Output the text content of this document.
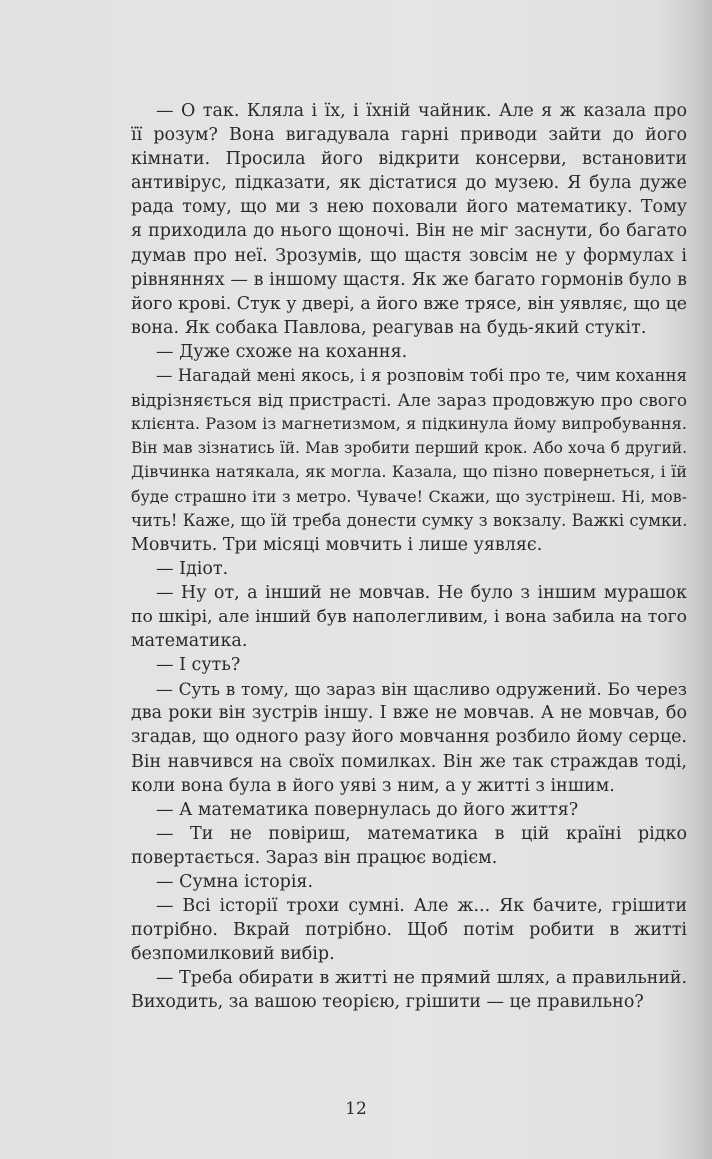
— О так. Кляла і їх, і їхній чайник. Але я ж казала про
її розум? Вона вигадувала гарні приводи зайти до його
кімнати. Просила його відкрити консерви, встановити
антивірус, підказати, як дістатися до музею. Я була дуже
рада тому, що ми з нею поховали його математику. Тому
я приходила до нього щоночі. Він не міг заснути, бо багато
думав про неї. Зрозумів, що щастя зовсім не у формулах і
рівняннях — в іншому щастя. Як же багато гормонів було в
його крові. Стук у двері, а його вже трясе, він уявляє, що це
вона. Як собака Павлова, реагував на будь-який стукіт.
— Дуже схоже на кохання.
— Нагадай мені якось, і я розповім тобі про те, чим кохання
відрізняється від пристрасті. Але зараз продовжую про свого
клієнта. Разом із магнетизмом, я підкинула йому випробування.
Він мав зізнатись їй. Мав зробити перший крок. Або хоча б другий.
Дівчинка натякала, як могла. Казала, що пізно повернеться, і їй
буде страшно іти з метро. Чуваче! Скажи, що зустрінеш. Ні, мов-
чить! Каже, що їй треба донести сумку з вокзалу. Важкі сумки.
Мовчить. Три місяці мовчить і лише уявляє.
— Ідіот.
— Ну от, а інший не мовчав. Не було з іншим мурашок
по шкірі, але інший був наполегливим, і вона забила на того
математика.
— І суть?
— Суть в тому, що зараз він щасливо одружений. Бо через
два роки він зустрів іншу. І вже не мовчав. А не мовчав, бо
згадав, що одного разу його мовчання розбило йому серце.
Він навчився на своїх помилках. Він же так страждав тоді,
коли вона була в його уяві з ним, а у житті з іншим.
— А математика повернулась до його життя?
— Ти не повіриш, математика в цій країні рідко
повертається. Зараз він працює водієм.
— Сумна історія.
— Всі історії трохи сумні. Але ж... Як бачите, грішити
потрібно. Вкрай потрібно. Щоб потім робити в житті
безпомилковий вибір.
— Треба обирати в житті не прямий шлях, а правильний.
Виходить, за вашою теорією, грішити — це правильно?
12
